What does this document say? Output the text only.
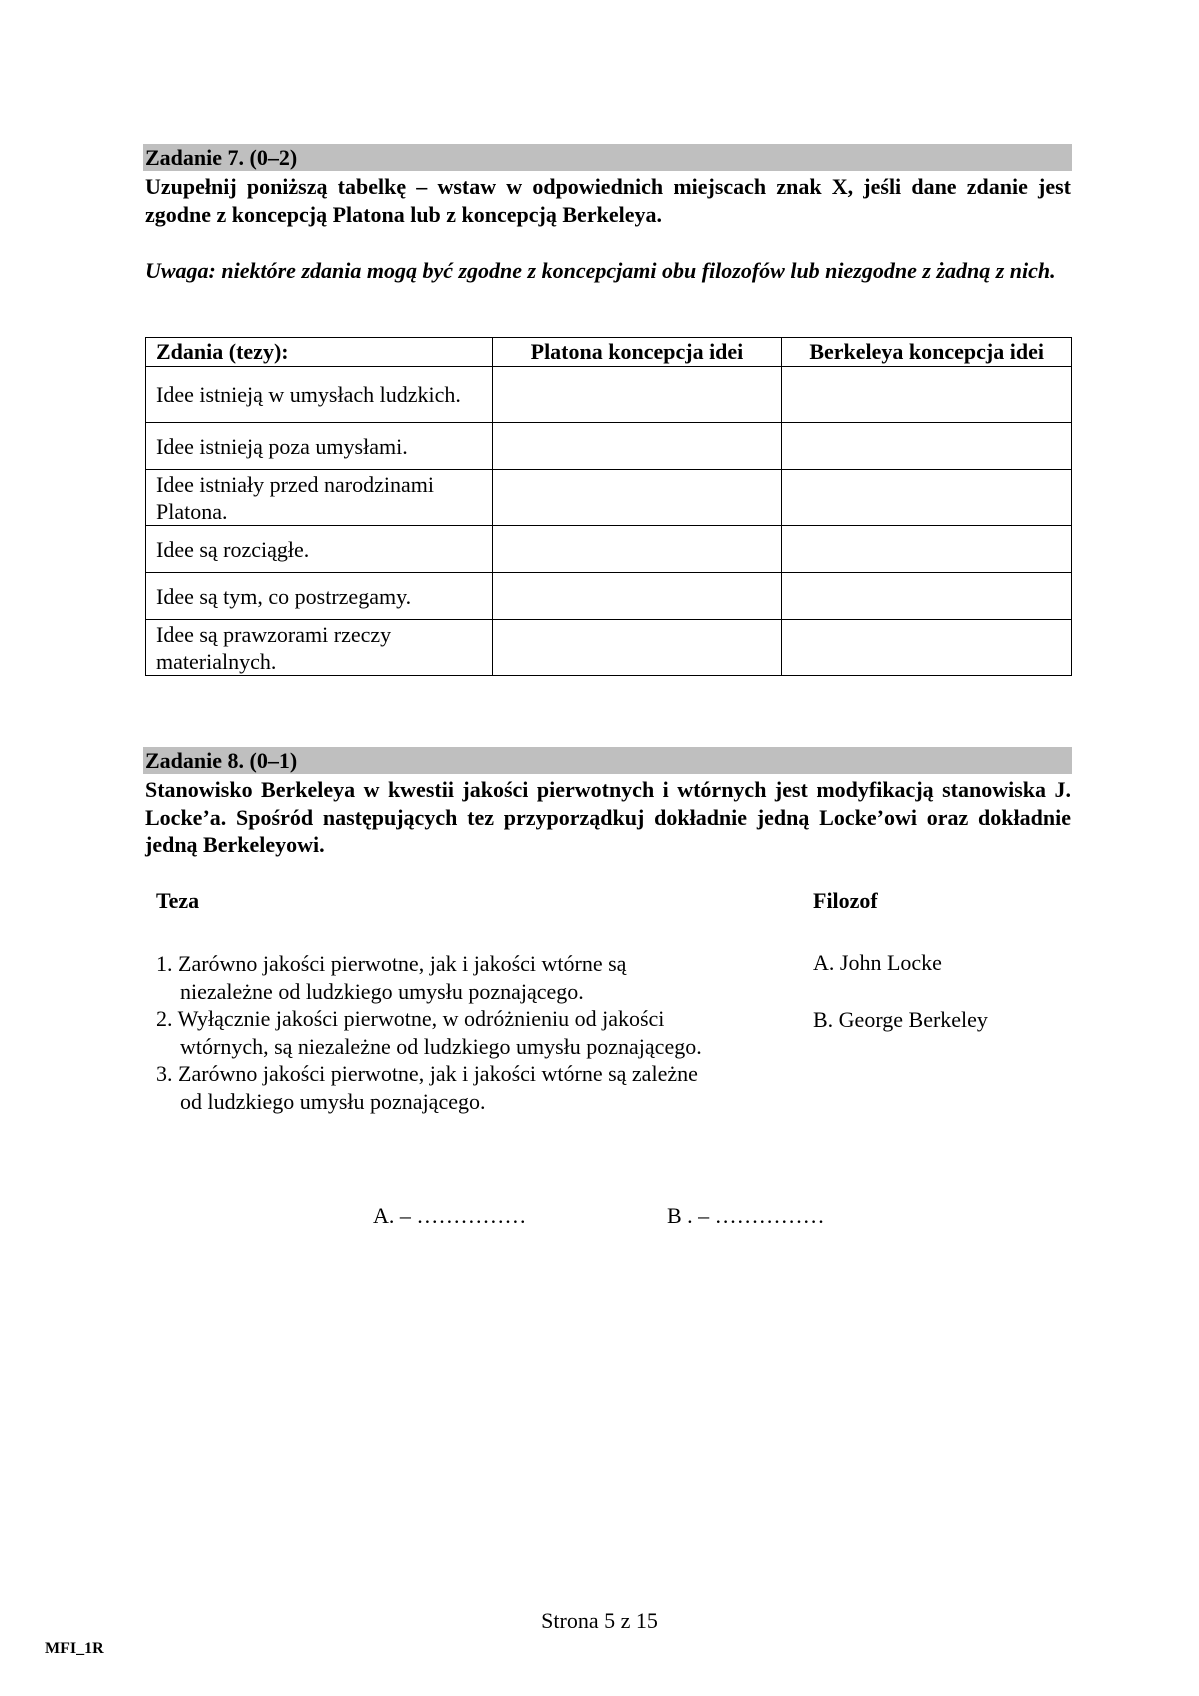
Zadanie 7. (0–2)
Uzupełnij poniższą tabelkę – wstaw w odpowiednich miejscach znak X, jeśli dane zdanie jest zgodne z koncepcją Platona lub z koncepcją Berkeleya.
Uwaga: niektóre zdania mogą być zgodne z koncepcjami obu filozofów lub niezgodne z żadną z nich.
Zdania (tezy):	Platona koncepcja idei	Berkeleya koncepcja idei
Idee istnieją w umysłach ludzkich.		
Idee istnieją poza umysłami.		
Idee istniały przed narodzinami Platona.		
Idee są rozciągłe.		
Idee są tym, co postrzegamy.		
Idee są prawzorami rzeczy materialnych.		
Zadanie 8. (0–1)
Stanowisko Berkeleya w kwestii jakości pierwotnych i wtórnych jest modyfikacją stanowiska J. Locke’a. Spośród następujących tez przyporządkuj dokładnie jedną Locke’owi oraz dokładnie jedną Berkeleyowi.
Teza	Filozof
1. Zarówno jakości pierwotne, jak i jakości wtórne są niezależne od ludzkiego umysłu poznającego.
2. Wyłącznie jakości pierwotne, w odróżnieniu od jakości wtórnych, są niezależne od ludzkiego umysłu poznającego.
3. Zarówno jakości pierwotne, jak i jakości wtórne są zależne od ludzkiego umysłu poznającego.
A. John Locke
B. George Berkeley
A. – ……………	B . – ……………
Strona 5 z 15
MFI_1R
